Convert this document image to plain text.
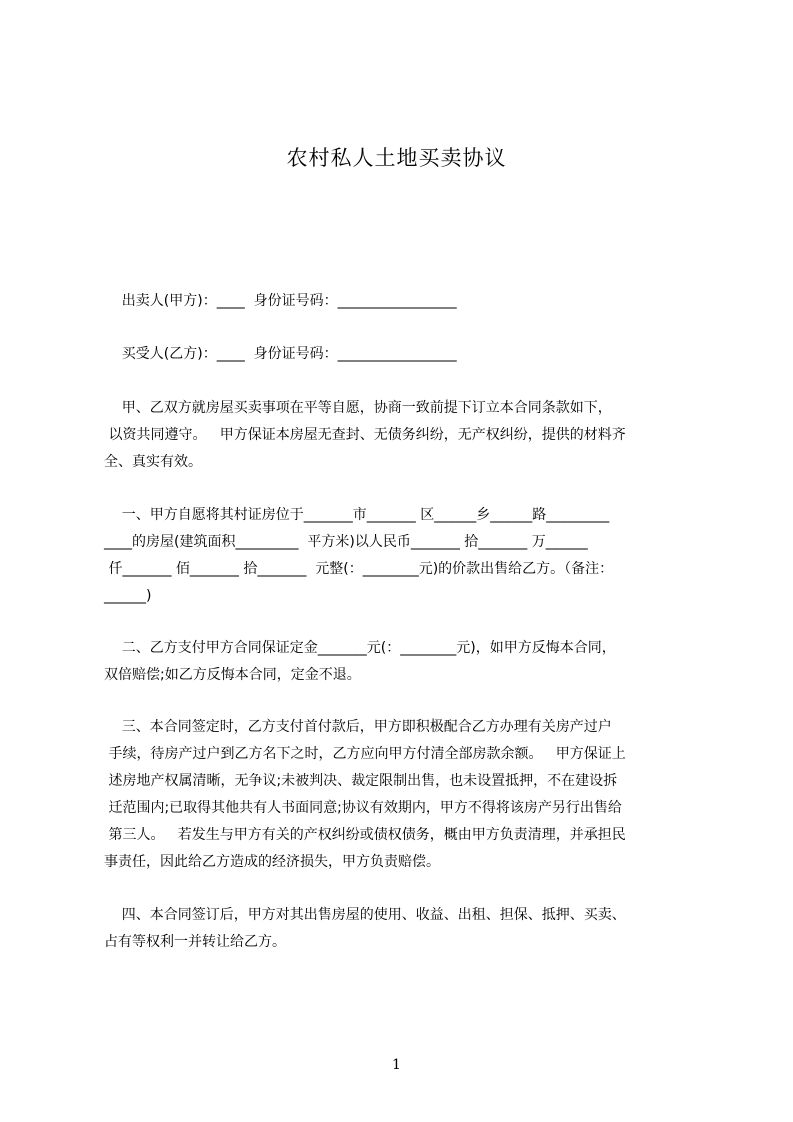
农村私人土地买卖协议
出卖人(甲方)：____  身份证号码：_________________
买受人(乙方)：____  身份证号码：_________________
甲、乙双方就房屋买卖事项在平等自愿，协商一致前提下订立本合同条款如下，
以资共同遵守。   甲方保证本房屋无查封、无债务纠纷，无产权纠纷，提供的材料齐
全、真实有效。
一、甲方自愿将其村证房位于_______市_______ 区______乡______路_________
____的房屋(建筑面积_________  平方米)以人民币_______ 拾_______ 万______
仟_______ 佰_______ 拾_______  元整(：________元)的价款出售给乙方。（备注：
______)
二、乙方支付甲方合同保证定金_______元(：________元)，如甲方反悔本合同，
双倍赔偿;如乙方反悔本合同，定金不退。
三、本合同签定时，乙方支付首付款后，甲方即积极配合乙方办理有关房产过户
手续，待房产过户到乙方名下之时，乙方应向甲方付清全部房款余额。   甲方保证上
述房地产权属清晰，无争议;未被判决、裁定限制出售，也未设置抵押，不在建设拆
迁范围内;已取得其他共有人书面同意;协议有效期内，甲方不得将该房产另行出售给
第三人。   若发生与甲方有关的产权纠纷或债权债务，概由甲方负责清理，并承担民
事责任，因此给乙方造成的经济损失，甲方负责赔偿。
四、本合同签订后，甲方对其出售房屋的使用、收益、出租、担保、抵押、买卖、
占有等权利一并转让给乙方。
1
